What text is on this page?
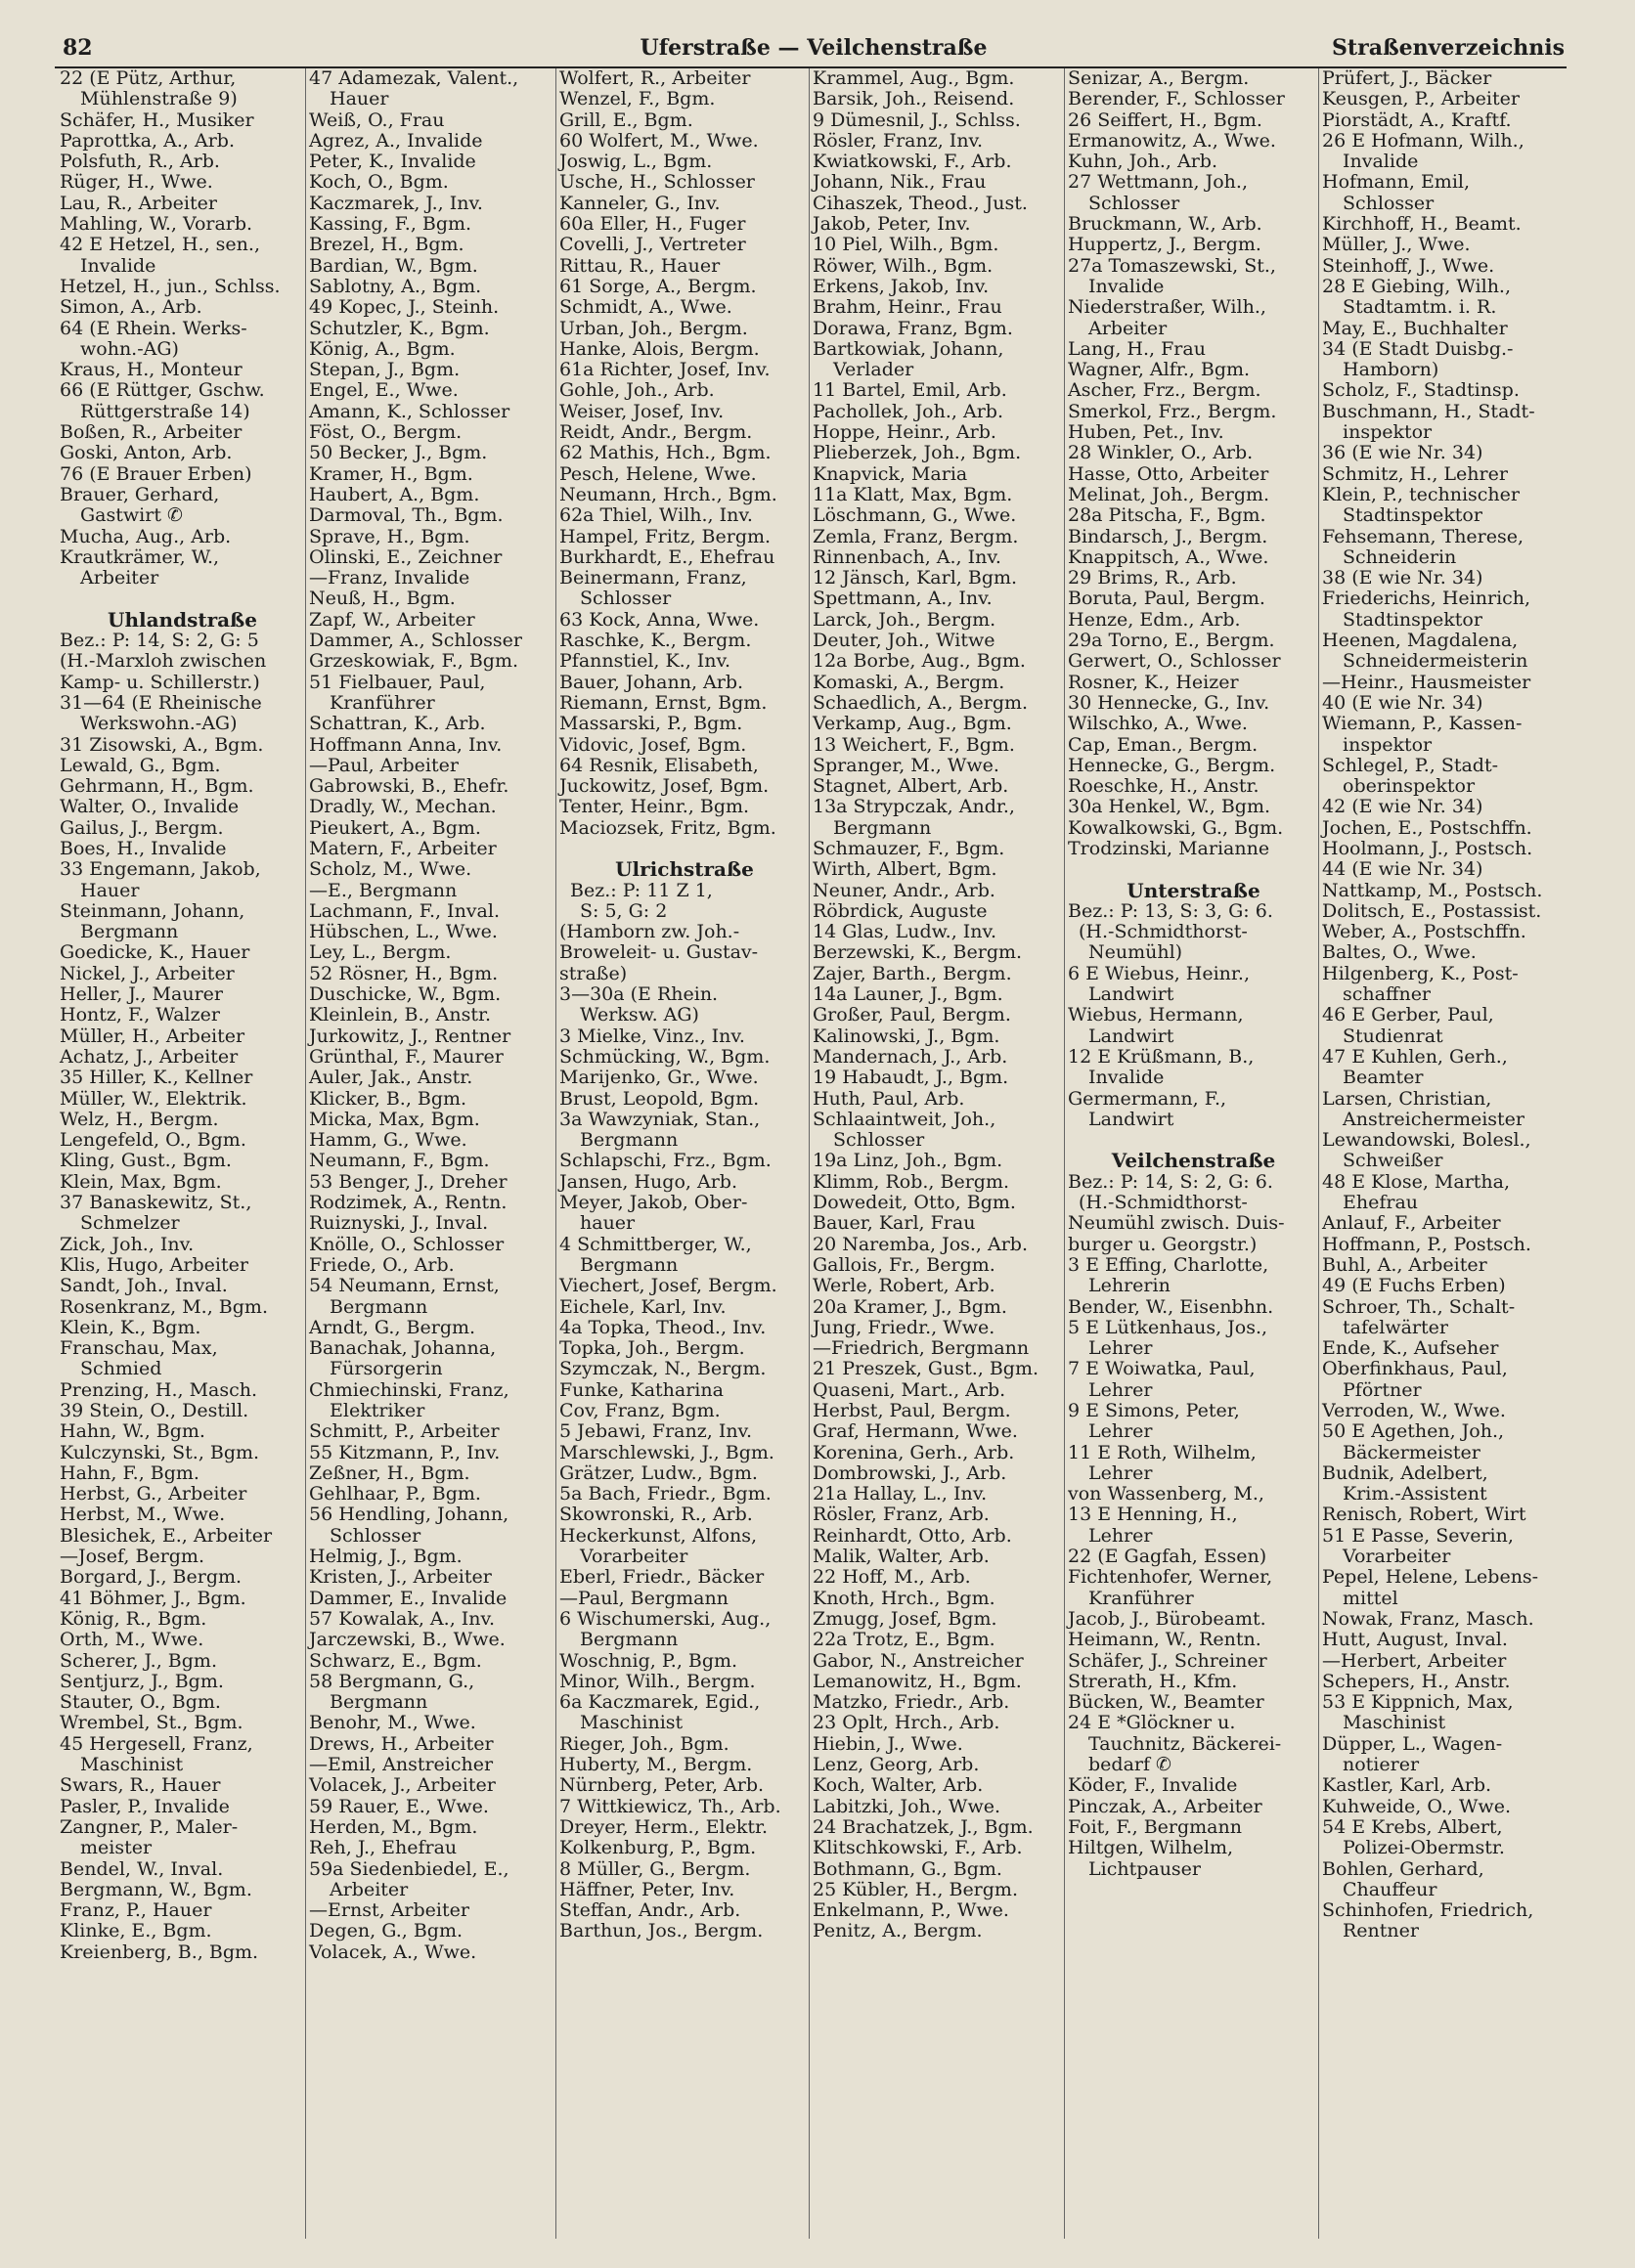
82	Uferstraße — Veilchenstraße	Straßenverzeichnis
22 (E Pütz, Arthur,
Mühlenstraße 9)
Schäfer, H., Musiker
Paprottka, A., Arb.
Polsfuth, R., Arb.
Rüger, H., Wwe.
Lau, R., Arbeiter
Mahling, W., Vorarb.
42 E Hetzel, H., sen.,
Invalide
Hetzel, H., jun., Schlss.
Simon, A., Arb.
64 (E Rhein. Werks-
wohn.-AG)
Kraus, H., Monteur
66 (E Rüttger, Gschw.
Rüttgerstraße 14)
Boßen, R., Arbeiter
Goski, Anton, Arb.
76 (E Brauer Erben)
Brauer, Gerhard,
Gastwirt ✆
Mucha, Aug., Arb.
Krautkrämer, W.,
Arbeiter
Uhlandstraße
Bez.: P: 14, S: 2, G: 5
(H.-Marxloh zwischen
Kamp- u. Schillerstr.)
31—64 (E Rheinische
Werkswohn.-AG)
31 Zisowski, A., Bgm.
Lewald, G., Bgm.
Gehrmann, H., Bgm.
Walter, O., Invalide
Gailus, J., Bergm.
Boes, H., Invalide
33 Engemann, Jakob,
Hauer
Steinmann, Johann,
Bergmann
Goedicke, K., Hauer
Nickel, J., Arbeiter
Heller, J., Maurer
Hontz, F., Walzer
Müller, H., Arbeiter
Achatz, J., Arbeiter
35 Hiller, K., Kellner
Müller, W., Elektrik.
Welz, H., Bergm.
Lengefeld, O., Bgm.
Kling, Gust., Bgm.
Klein, Max, Bgm.
37 Banaskewitz, St.,
Schmelzer
Zick, Joh., Inv.
Klis, Hugo, Arbeiter
Sandt, Joh., Inval.
Rosenkranz, M., Bgm.
Klein, K., Bgm.
Franschau, Max,
Schmied
Prenzing, H., Masch.
39 Stein, O., Destill.
Hahn, W., Bgm.
Kulczynski, St., Bgm.
Hahn, F., Bgm.
Herbst, G., Arbeiter
Herbst, M., Wwe.
Blesichek, E., Arbeiter
—Josef, Bergm.
Borgard, J., Bergm.
41 Böhmer, J., Bgm.
König, R., Bgm.
Orth, M., Wwe.
Scherer, J., Bgm.
Sentjurz, J., Bgm.
Stauter, O., Bgm.
Wrembel, St., Bgm.
45 Hergesell, Franz,
Maschinist
Swars, R., Hauer
Pasler, P., Invalide
Zangner, P., Maler-
meister
Bendel, W., Inval.
Bergmann, W., Bgm.
Franz, P., Hauer
Klinke, E., Bgm.
Kreienberg, B., Bgm.
47 Adamezak, Valent.,
Hauer
Weiß, O., Frau
Agrez, A., Invalide
Peter, K., Invalide
Koch, O., Bgm.
Kaczmarek, J., Inv.
Kassing, F., Bgm.
Brezel, H., Bgm.
Bardian, W., Bgm.
Sablotny, A., Bgm.
49 Kopec, J., Steinh.
Schutzler, K., Bgm.
König, A., Bgm.
Stepan, J., Bgm.
Engel, E., Wwe.
Amann, K., Schlosser
Föst, O., Bergm.
50 Becker, J., Bgm.
Kramer, H., Bgm.
Haubert, A., Bgm.
Darmoval, Th., Bgm.
Sprave, H., Bgm.
Olinski, E., Zeichner
—Franz, Invalide
Neuß, H., Bgm.
Zapf, W., Arbeiter
Dammer, A., Schlosser
Grzeskowiak, F., Bgm.
51 Fielbauer, Paul,
Kranführer
Schattran, K., Arb.
Hoffmann Anna, Inv.
—Paul, Arbeiter
Gabrowski, B., Ehefr.
Dradly, W., Mechan.
Pieukert, A., Bgm.
Matern, F., Arbeiter
Scholz, M., Wwe.
—E., Bergmann
Lachmann, F., Inval.
Hübschen, L., Wwe.
Ley, L., Bergm.
52 Rösner, H., Bgm.
Duschicke, W., Bgm.
Kleinlein, B., Anstr.
Jurkowitz, J., Rentner
Grünthal, F., Maurer
Auler, Jak., Anstr.
Klicker, B., Bgm.
Micka, Max, Bgm.
Hamm, G., Wwe.
Neumann, F., Bgm.
53 Benger, J., Dreher
Rodzimek, A., Rentn.
Ruiznyski, J., Inval.
Knölle, O., Schlosser
Friede, O., Arb.
54 Neumann, Ernst,
Bergmann
Arndt, G., Bergm.
Banachak, Johanna,
Fürsorgerin
Chmiechinski, Franz,
Elektriker
Schmitt, P., Arbeiter
55 Kitzmann, P., Inv.
Zeßner, H., Bgm.
Gehlhaar, P., Bgm.
56 Hendling, Johann,
Schlosser
Helmig, J., Bgm.
Kristen, J., Arbeiter
Dammer, E., Invalide
57 Kowalak, A., Inv.
Jarczewski, B., Wwe.
Schwarz, E., Bgm.
58 Bergmann, G.,
Bergmann
Benohr, M., Wwe.
Drews, H., Arbeiter
—Emil, Anstreicher
Volacek, J., Arbeiter
59 Rauer, E., Wwe.
Herden, M., Bgm.
Reh, J., Ehefrau
59a Siedenbiedel, E.,
Arbeiter
—Ernst, Arbeiter
Degen, G., Bgm.
Volacek, A., Wwe.
Wolfert, R., Arbeiter
Wenzel, F., Bgm.
Grill, E., Bgm.
60 Wolfert, M., Wwe.
Joswig, L., Bgm.
Usche, H., Schlosser
Kanneler, G., Inv.
60a Eller, H., Fuger
Covelli, J., Vertreter
Rittau, R., Hauer
61 Sorge, A., Bergm.
Schmidt, A., Wwe.
Urban, Joh., Bergm.
Hanke, Alois, Bergm.
61a Richter, Josef, Inv.
Gohle, Joh., Arb.
Weiser, Josef, Inv.
Reidt, Andr., Bergm.
62 Mathis, Hch., Bgm.
Pesch, Helene, Wwe.
Neumann, Hrch., Bgm.
62a Thiel, Wilh., Inv.
Hampel, Fritz, Bergm.
Burkhardt, E., Ehefrau
Beinermann, Franz,
Schlosser
63 Kock, Anna, Wwe.
Raschke, K., Bergm.
Pfannstiel, K., Inv.
Bauer, Johann, Arb.
Riemann, Ernst, Bgm.
Massarski, P., Bgm.
Vidovic, Josef, Bgm.
64 Resnik, Elisabeth,
Juckowitz, Josef, Bgm.
Tenter, Heinr., Bgm.
Maciozsek, Fritz, Bgm.
Ulrichstraße
Bez.: P: 11 Z 1,
S: 5, G: 2
(Hamborn zw. Joh.-
Broweleit- u. Gustav-
straße)
3—30a (E Rhein.
Werksw. AG)
3 Mielke, Vinz., Inv.
Schmücking, W., Bgm.
Marijenko, Gr., Wwe.
Brust, Leopold, Bgm.
3a Wawzyniak, Stan.,
Bergmann
Schlapschi, Frz., Bgm.
Jansen, Hugo, Arb.
Meyer, Jakob, Ober-
hauer
4 Schmittberger, W.,
Bergmann
Viechert, Josef, Bergm.
Eichele, Karl, Inv.
4a Topka, Theod., Inv.
Topka, Joh., Bergm.
Szymczak, N., Bergm.
Funke, Katharina
Cov, Franz, Bgm.
5 Jebawi, Franz, Inv.
Marschlewski, J., Bgm.
Grätzer, Ludw., Bgm.
5a Bach, Friedr., Bgm.
Skowronski, R., Arb.
Heckerkunst, Alfons,
Vorarbeiter
Eberl, Friedr., Bäcker
—Paul, Bergmann
6 Wischumerski, Aug.,
Bergmann
Woschnig, P., Bgm.
Minor, Wilh., Bergm.
6a Kaczmarek, Egid.,
Maschinist
Rieger, Joh., Bgm.
Huberty, M., Bergm.
Nürnberg, Peter, Arb.
7 Wittkiewicz, Th., Arb.
Dreyer, Herm., Elektr.
Kolkenburg, P., Bgm.
8 Müller, G., Bergm.
Häffner, Peter, Inv.
Steffan, Andr., Arb.
Barthun, Jos., Bergm.
Krammel, Aug., Bgm.
Barsik, Joh., Reisend.
9 Dümesnil, J., Schlss.
Rösler, Franz, Inv.
Kwiatkowski, F., Arb.
Johann, Nik., Frau
Cihaszek, Theod., Just.
Jakob, Peter, Inv.
10 Piel, Wilh., Bgm.
Röwer, Wilh., Bgm.
Erkens, Jakob, Inv.
Brahm, Heinr., Frau
Dorawa, Franz, Bgm.
Bartkowiak, Johann,
Verlader
11 Bartel, Emil, Arb.
Pachollek, Joh., Arb.
Hoppe, Heinr., Arb.
Plieberzek, Joh., Bgm.
Knapvick, Maria
11a Klatt, Max, Bgm.
Löschmann, G., Wwe.
Zemla, Franz, Bergm.
Rinnenbach, A., Inv.
12 Jänsch, Karl, Bgm.
Spettmann, A., Inv.
Larck, Joh., Bergm.
Deuter, Joh., Witwe
12a Borbe, Aug., Bgm.
Komaski, A., Bergm.
Schaedlich, A., Bergm.
Verkamp, Aug., Bgm.
13 Weichert, F., Bgm.
Spranger, M., Wwe.
Stagnet, Albert, Arb.
13a Strypczak, Andr.,
Bergmann
Schmauzer, F., Bgm.
Wirth, Albert, Bgm.
Neuner, Andr., Arb.
Röbrdick, Auguste
14 Glas, Ludw., Inv.
Berzewski, K., Bergm.
Zajer, Barth., Bergm.
14a Launer, J., Bgm.
Großer, Paul, Bergm.
Kalinowski, J., Bgm.
Mandernach, J., Arb.
19 Habaudt, J., Bgm.
Huth, Paul, Arb.
Schlaaintweit, Joh.,
Schlosser
19a Linz, Joh., Bgm.
Klimm, Rob., Bergm.
Dowedeit, Otto, Bgm.
Bauer, Karl, Frau
20 Naremba, Jos., Arb.
Gallois, Fr., Bergm.
Werle, Robert, Arb.
20a Kramer, J., Bgm.
Jung, Friedr., Wwe.
—Friedrich, Bergmann
21 Preszek, Gust., Bgm.
Quaseni, Mart., Arb.
Herbst, Paul, Bergm.
Graf, Hermann, Wwe.
Korenina, Gerh., Arb.
Dombrowski, J., Arb.
21a Hallay, L., Inv.
Rösler, Franz, Arb.
Reinhardt, Otto, Arb.
Malik, Walter, Arb.
22 Hoff, M., Arb.
Knoth, Hrch., Bgm.
Zmugg, Josef, Bgm.
22a Trotz, E., Bgm.
Gabor, N., Anstreicher
Lemanowitz, H., Bgm.
Matzko, Friedr., Arb.
23 Oplt, Hrch., Arb.
Hiebin, J., Wwe.
Lenz, Georg, Arb.
Koch, Walter, Arb.
Labitzki, Joh., Wwe.
24 Brachatzek, J., Bgm.
Klitschkowski, F., Arb.
Bothmann, G., Bgm.
25 Kübler, H., Bergm.
Enkelmann, P., Wwe.
Penitz, A., Bergm.
Senizar, A., Bergm.
Berender, F., Schlosser
26 Seiffert, H., Bgm.
Ermanowitz, A., Wwe.
Kuhn, Joh., Arb.
27 Wettmann, Joh.,
Schlosser
Bruckmann, W., Arb.
Huppertz, J., Bergm.
27a Tomaszewski, St.,
Invalide
Niederstraßer, Wilh.,
Arbeiter
Lang, H., Frau
Wagner, Alfr., Bgm.
Ascher, Frz., Bergm.
Smerkol, Frz., Bergm.
Huben, Pet., Inv.
28 Winkler, O., Arb.
Hasse, Otto, Arbeiter
Melinat, Joh., Bergm.
28a Pitscha, F., Bgm.
Bindarsch, J., Bergm.
Knappitsch, A., Wwe.
29 Brims, R., Arb.
Boruta, Paul, Bergm.
Henze, Edm., Arb.
29a Torno, E., Bergm.
Gerwert, O., Schlosser
Rosner, K., Heizer
30 Hennecke, G., Inv.
Wilschko, A., Wwe.
Cap, Eman., Bergm.
Hennecke, G., Bergm.
Roeschke, H., Anstr.
30a Henkel, W., Bgm.
Kowalkowski, G., Bgm.
Trodzinski, Marianne
Unterstraße
Bez.: P: 13, S: 3, G: 6.
(H.-Schmidthorst-
Neumühl)
6 E Wiebus, Heinr.,
Landwirt
Wiebus, Hermann,
Landwirt
12 E Krüßmann, B.,
Invalide
Germermann, F.,
Landwirt
Veilchenstraße
Bez.: P: 14, S: 2, G: 6.
(H.-Schmidthorst-
Neumühl zwisch. Duis-
burger u. Georgstr.)
3 E Effing, Charlotte,
Lehrerin
Bender, W., Eisenbhn.
5 E Lütkenhaus, Jos.,
Lehrer
7 E Woiwatka, Paul,
Lehrer
9 E Simons, Peter,
Lehrer
11 E Roth, Wilhelm,
Lehrer
von Wassenberg, M.,
13 E Henning, H.,
Lehrer
22 (E Gagfah, Essen)
Fichtenhofer, Werner,
Kranführer
Jacob, J., Bürobeamt.
Heimann, W., Rentn.
Schäfer, J., Schreiner
Strerath, H., Kfm.
Bücken, W., Beamter
24 E *Glöckner u.
Tauchnitz, Bäckerei-
bedarf ✆
Köder, F., Invalide
Pinczak, A., Arbeiter
Foit, F., Bergmann
Hiltgen, Wilhelm,
Lichtpauser
Prüfert, J., Bäcker
Keusgen, P., Arbeiter
Piorstädt, A., Kraftf.
26 E Hofmann, Wilh.,
Invalide
Hofmann, Emil,
Schlosser
Kirchhoff, H., Beamt.
Müller, J., Wwe.
Steinhoff, J., Wwe.
28 E Giebing, Wilh.,
Stadtamtm. i. R.
May, E., Buchhalter
34 (E Stadt Duisbg.-
Hamborn)
Scholz, F., Stadtinsp.
Buschmann, H., Stadt-
inspektor
36 (E wie Nr. 34)
Schmitz, H., Lehrer
Klein, P., technischer
Stadtinspektor
Fehsemann, Therese,
Schneiderin
38 (E wie Nr. 34)
Friederichs, Heinrich,
Stadtinspektor
Heenen, Magdalena,
Schneidermeisterin
—Heinr., Hausmeister
40 (E wie Nr. 34)
Wiemann, P., Kassen-
inspektor
Schlegel, P., Stadt-
oberinspektor
42 (E wie Nr. 34)
Jochen, E., Postschffn.
Hoolmann, J., Postsch.
44 (E wie Nr. 34)
Nattkamp, M., Postsch.
Dolitsch, E., Postassist.
Weber, A., Postschffn.
Baltes, O., Wwe.
Hilgenberg, K., Post-
schaffner
46 E Gerber, Paul,
Studienrat
47 E Kuhlen, Gerh.,
Beamter
Larsen, Christian,
Anstreichermeister
Lewandowski, Bolesl.,
Schweißer
48 E Klose, Martha,
Ehefrau
Anlauf, F., Arbeiter
Hoffmann, P., Postsch.
Buhl, A., Arbeiter
49 (E Fuchs Erben)
Schroer, Th., Schalt-
tafelwärter
Ende, K., Aufseher
Oberfinkhaus, Paul,
Pförtner
Verroden, W., Wwe.
50 E Agethen, Joh.,
Bäckermeister
Budnik, Adelbert,
Krim.-Assistent
Renisch, Robert, Wirt
51 E Passe, Severin,
Vorarbeiter
Pepel, Helene, Lebens-
mittel
Nowak, Franz, Masch.
Hutt, August, Inval.
—Herbert, Arbeiter
Schepers, H., Anstr.
53 E Kippnich, Max,
Maschinist
Düpper, L., Wagen-
notierer
Kastler, Karl, Arb.
Kuhweide, O., Wwe.
54 E Krebs, Albert,
Polizei-Obermstr.
Bohlen, Gerhard,
Chauffeur
Schinhofen, Friedrich,
Rentner
